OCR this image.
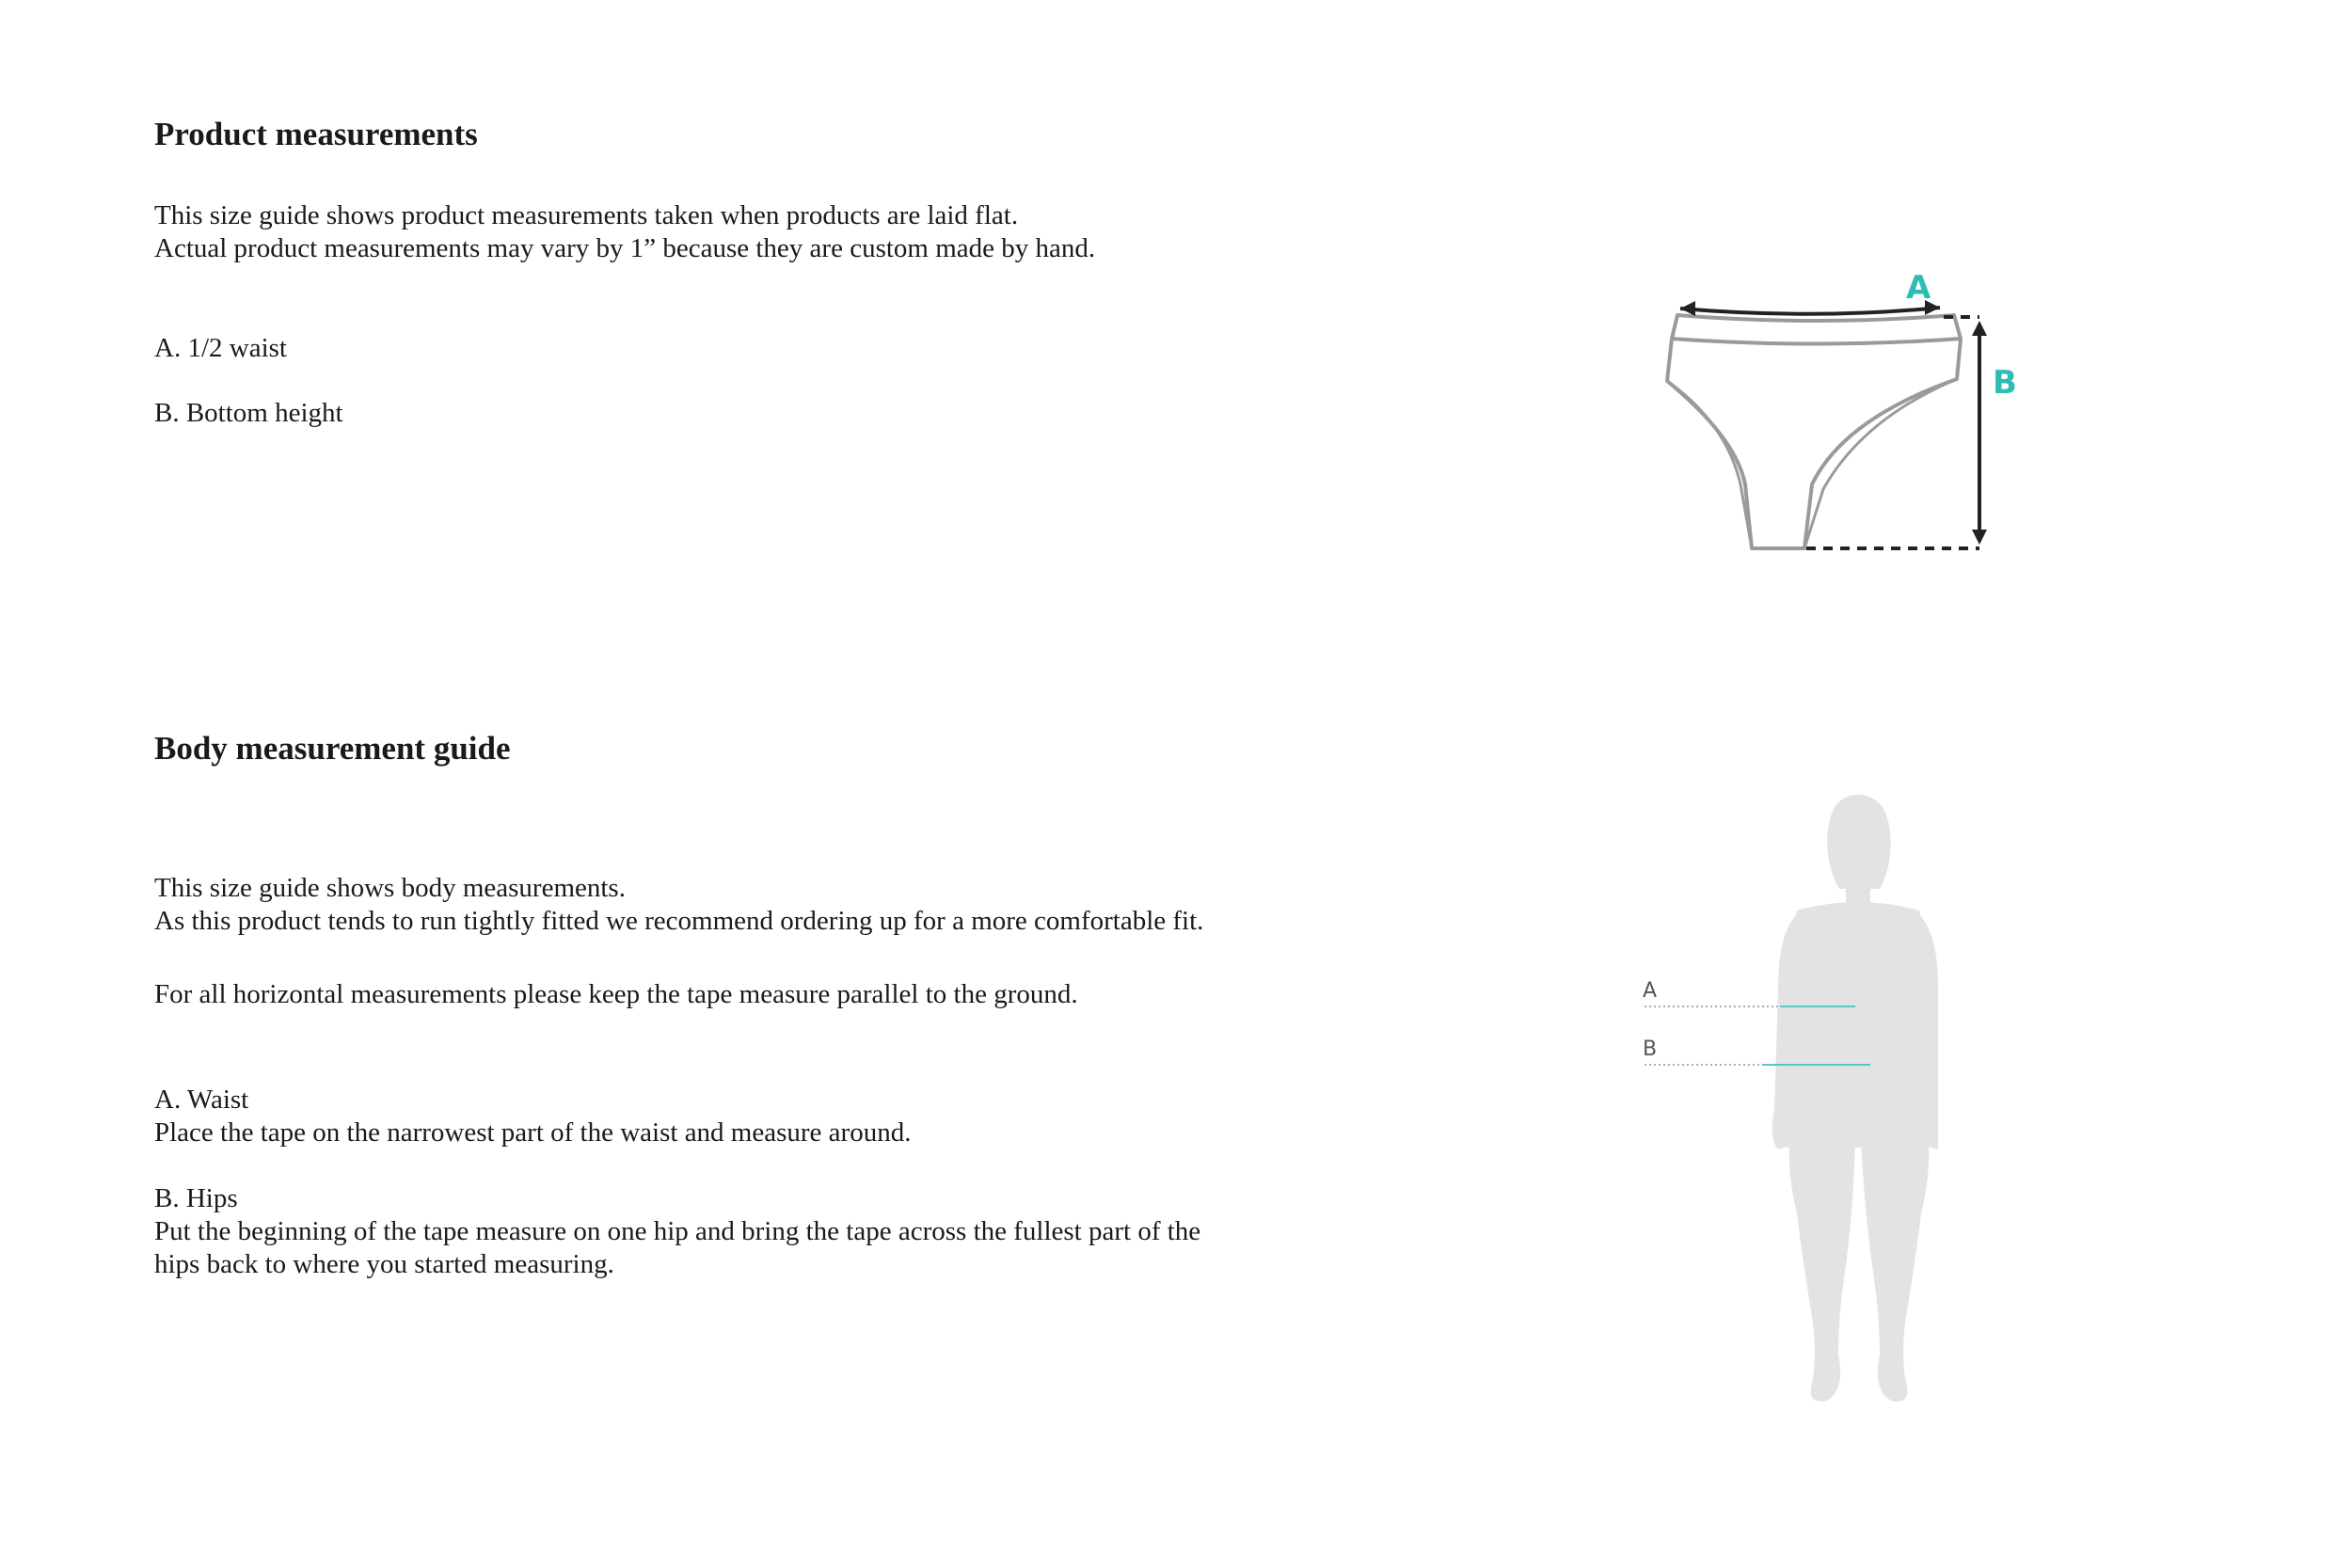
Product measurements

This size guide shows product measurements taken when products are laid flat.

Actual product measurements may vary by 1” because they are custom made by hand.

A. 1/2 waist

B. Bottom height

A
B
Body measurement guide

This size guide shows body measurements.

As this product tends to run tightly fitted we recommend ordering up for a more comfortable fit.

For all horizontal measurements please keep the tape measure parallel to the ground.

A. Waist

Place the tape on the narrowest part of the waist and measure around.

B. Hips

Put the beginning of the tape measure on one hip and bring the tape across the fullest part of the

hips back to where you started measuring.

A
B
